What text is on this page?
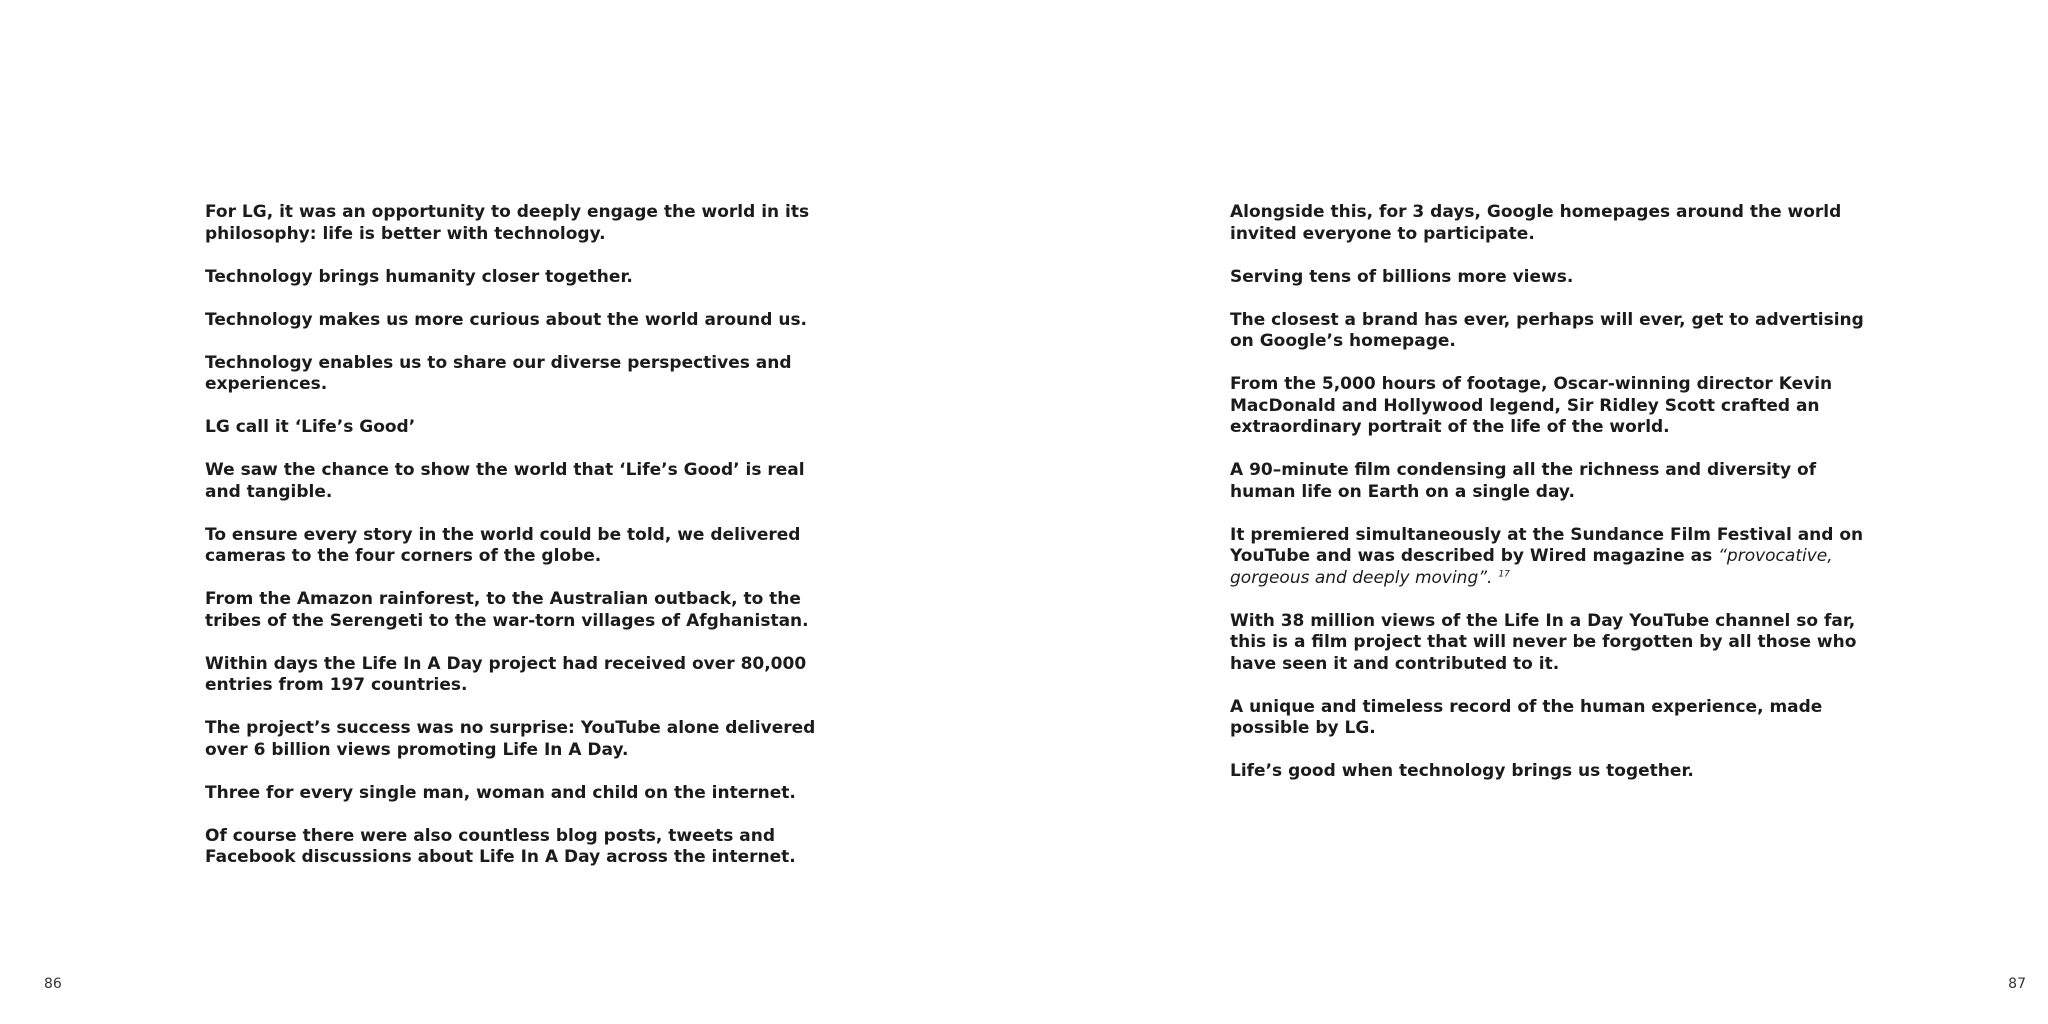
For LG, it was an opportunity to deeply engage the world in its philosophy: life is better with technology.

Technology brings humanity closer together.

Technology makes us more curious about the world around us.

Technology enables us to share our diverse perspectives and experiences.

LG call it ‘Life’s Good’

We saw the chance to show the world that ‘Life’s Good’ is real and tangible.

To ensure every story in the world could be told, we delivered cameras to the four corners of the globe.

From the Amazon rainforest, to the Australian outback, to the tribes of the Serengeti to the war-torn villages of Afghanistan.

Within days the Life In A Day project had received over 80,000 entries from 197 countries.

The project’s success was no surprise: YouTube alone delivered over 6 billion views promoting Life In A Day.

Three for every single man, woman and child on the internet.

Of course there were also countless blog posts, tweets and Facebook discussions about Life In A Day across the internet.

Alongside this, for 3 days, Google homepages around the world invited everyone to participate.

Serving tens of billions more views.

The closest a brand has ever, perhaps will ever, get to advertising on Google’s homepage.

From the 5,000 hours of footage, Oscar-winning director Kevin MacDonald and Hollywood legend, Sir Ridley Scott crafted an extraordinary portrait of the life of the world.

A 90–minute film condensing all the richness and diversity of human life on Earth on a single day.

It premiered simultaneously at the Sundance Film Festival and on YouTube and was described by Wired magazine as “provocative, gorgeous and deeply moving”. $^{17}$

With 38 million views of the Life In a Day YouTube channel so far, this is a film project that will never be forgotten by all those who have seen it and contributed to it.

A unique and timeless record of the human experience, made possible by LG.

Life’s good when technology brings us together.

86	87
